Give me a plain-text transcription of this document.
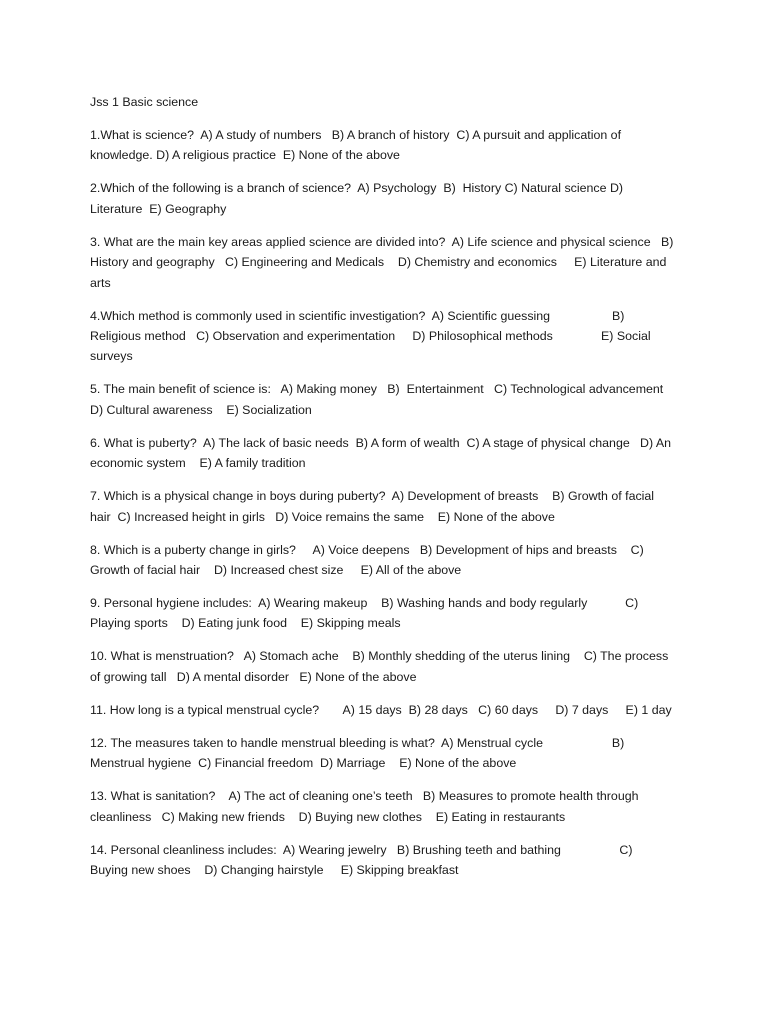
Jss 1 Basic science
1.What is science?  A) A study of numbers   B) A branch of history  C) A pursuit and application of
knowledge. D) A religious practice  E) None of the above
2.Which of the following is a branch of science?  A) Psychology  B)  History C) Natural science D)
Literature  E) Geography
3. What are the main key areas applied science are divided into?  A) Life science and physical science   B)
History and geography   C) Engineering and Medicals    D) Chemistry and economics     E) Literature and
arts
4.Which method is commonly used in scientific investigation?  A) Scientific guessing                  B)
Religious method   C) Observation and experimentation     D) Philosophical methods              E) Social
surveys
5. The main benefit of science is:   A) Making money   B)  Entertainment   C) Technological advancement
D) Cultural awareness    E) Socialization
6. What is puberty?  A) The lack of basic needs  B) A form of wealth  C) A stage of physical change   D) An
economic system    E) A family tradition
7. Which is a physical change in boys during puberty?  A) Development of breasts    B) Growth of facial
hair  C) Increased height in girls   D) Voice remains the same    E) None of the above
8. Which is a puberty change in girls?     A) Voice deepens   B) Development of hips and breasts    C)
Growth of facial hair    D) Increased chest size     E) All of the above
9. Personal hygiene includes:  A) Wearing makeup    B) Washing hands and body regularly           C)
Playing sports    D) Eating junk food    E) Skipping meals
10. What is menstruation?   A) Stomach ache    B) Monthly shedding of the uterus lining    C) The process
of growing tall   D) A mental disorder   E) None of the above
11. How long is a typical menstrual cycle?       A) 15 days  B) 28 days   C) 60 days     D) 7 days     E) 1 day
12. The measures taken to handle menstrual bleeding is what?  A) Menstrual cycle                    B)
Menstrual hygiene  C) Financial freedom  D) Marriage    E) None of the above
13. What is sanitation?    A) The act of cleaning one’s teeth   B) Measures to promote health through
cleanliness   C) Making new friends    D) Buying new clothes    E) Eating in restaurants
14. Personal cleanliness includes:  A) Wearing jewelry   B) Brushing teeth and bathing                 C)
Buying new shoes    D) Changing hairstyle     E) Skipping breakfast
